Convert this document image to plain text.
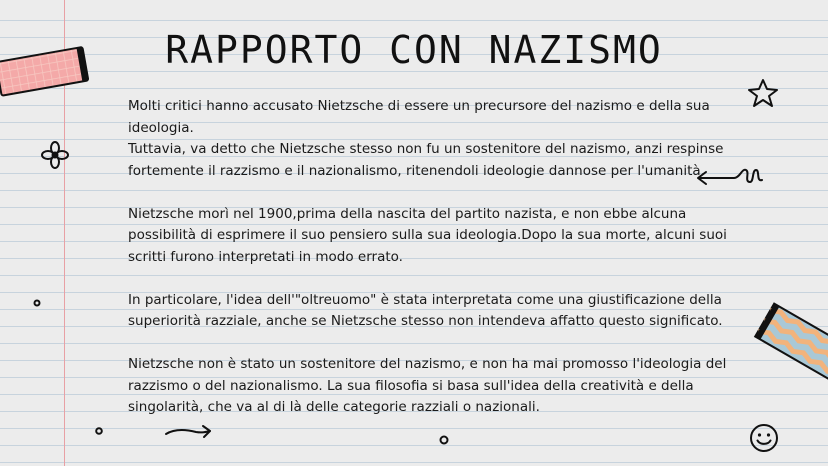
RAPPORTO CON NAZISMO

Molti critici hanno accusato Nietzsche di essere un precursore del nazismo e della sua ideologia.
Tuttavia, va detto che Nietzsche stesso non fu un sostenitore del nazismo, anzi respinse fortemente il razzismo e il nazionalismo, ritenendoli ideologie dannose per l'umanità.

Nietzsche morì nel 1900,prima della nascita del partito nazista, e non ebbe alcuna possibilità di esprimere il suo pensiero sulla sua ideologia.Dopo la sua morte, alcuni suoi scritti furono interpretati in modo errato.

In particolare, l'idea dell'"oltreuomo" è stata interpretata come una giustificazione della superiorità razziale, anche se Nietzsche stesso non intendeva affatto questo significato.

Nietzsche non è stato un sostenitore del nazismo, e non ha mai promosso l'ideologia del razzismo o del nazionalismo. La sua filosofia si basa sull'idea della creatività e della singolarità, che va al di là delle categorie razziali o nazionali.
